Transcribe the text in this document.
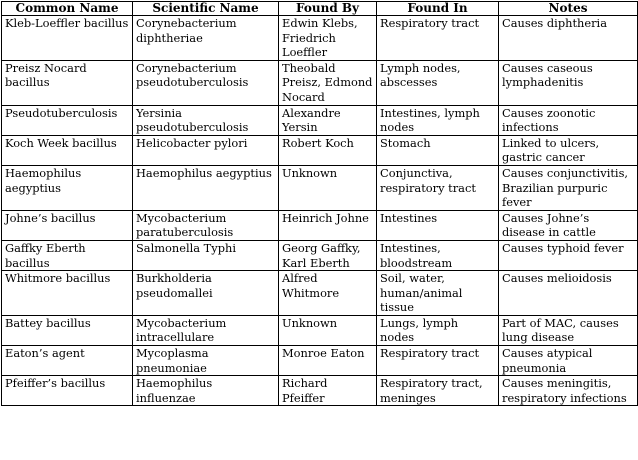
Common Name	Scientific Name	Found By	Found In	Notes
Kleb-Loeffler bacillus	Corynebacterium diphtheriae	Edwin Klebs, Friedrich Loeffler	Respiratory tract	Causes diphtheria
Preisz Nocard bacillus	Corynebacterium pseudotuberculosis	Theobald Preisz, Edmond Nocard	Lymph nodes, abscesses	Causes caseous lymphadenitis
Pseudotuberculosis	Yersinia pseudotuberculosis	Alexandre Yersin	Intestines, lymph nodes	Causes zoonotic infections
Koch Week bacillus	Helicobacter pylori	Robert Koch	Stomach	Linked to ulcers, gastric cancer
Haemophilus aegyptius	Haemophilus aegyptius	Unknown	Conjunctiva, respiratory tract	Causes conjunctivitis, Brazilian purpuric fever
Johne’s bacillus	Mycobacterium paratuberculosis	Heinrich Johne	Intestines	Causes Johne’s disease in cattle
Gaffky Eberth bacillus	Salmonella Typhi	Georg Gaffky, Karl Eberth	Intestines, bloodstream	Causes typhoid fever
Whitmore bacillus	Burkholderia pseudomallei	Alfred Whitmore	Soil, water, human/animal tissue	Causes melioidosis
Battey bacillus	Mycobacterium intracellulare	Unknown	Lungs, lymph nodes	Part of MAC, causes lung disease
Eaton’s agent	Mycoplasma pneumoniae	Monroe Eaton	Respiratory tract	Causes atypical pneumonia
Pfeiffer’s bacillus	Haemophilus influenzae	Richard Pfeiffer	Respiratory tract, meninges	Causes meningitis, respiratory infections
